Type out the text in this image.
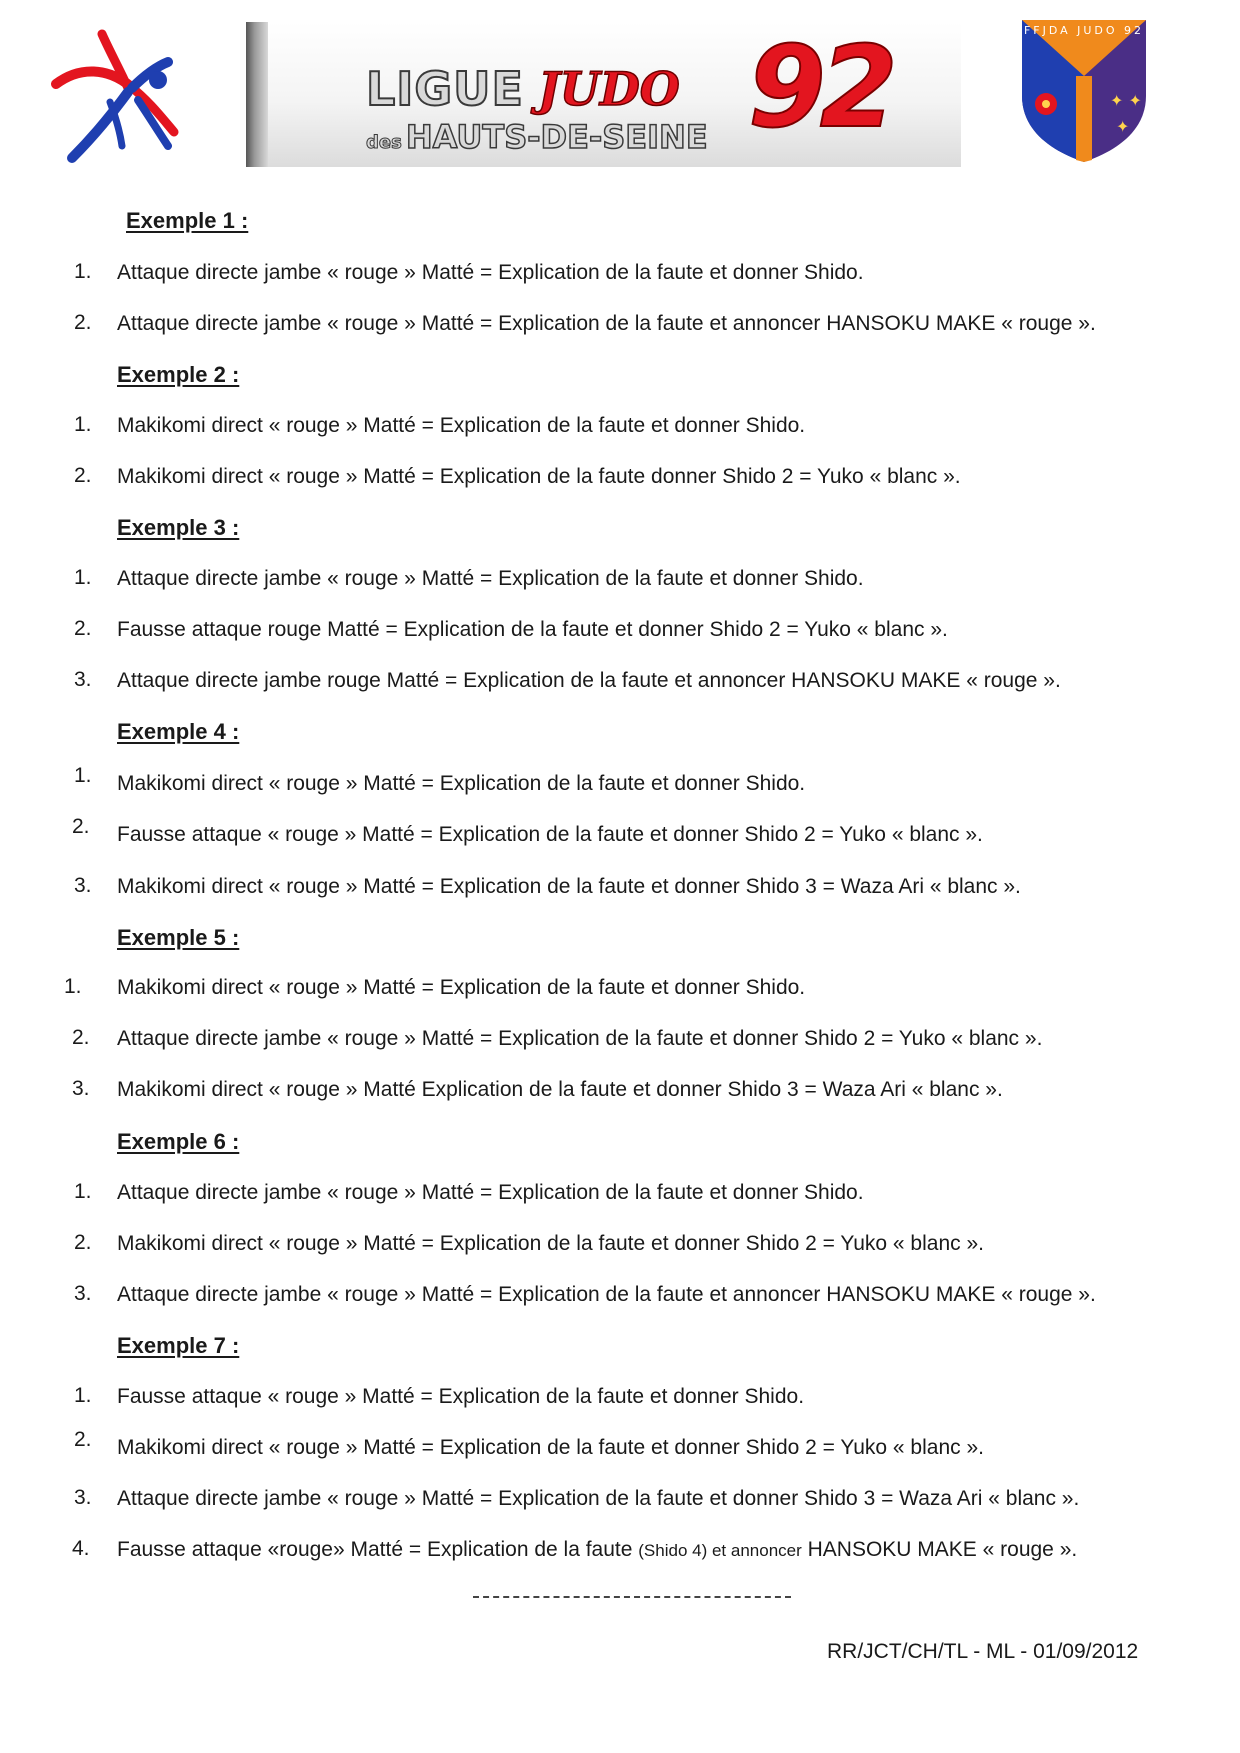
LIGUE JUDO 92
des HAUTS-DE-SEINE
✦ ✦
✦
FFJDA JUDO 92
Exemple 1 :
1. Attaque directe jambe « rouge » Matté = Explication de la faute et donner Shido.
2. Attaque directe jambe « rouge » Matté = Explication de la faute et annoncer HANSOKU MAKE « rouge ».
Exemple 2 :
1. Makikomi direct « rouge » Matté = Explication de la faute et donner Shido.
2. Makikomi direct « rouge » Matté = Explication de la faute donner Shido 2 = Yuko « blanc ».
Exemple 3 :
1. Attaque directe jambe « rouge » Matté = Explication de la faute et donner Shido.
2. Fausse attaque rouge Matté = Explication de la faute et donner Shido 2 = Yuko « blanc ».
3. Attaque directe jambe rouge Matté = Explication de la faute et annoncer HANSOKU MAKE « rouge ».
Exemple 4 :
1. Makikomi direct « rouge » Matté = Explication de la faute et donner Shido.
2. Fausse attaque « rouge » Matté = Explication de la faute et donner Shido 2 = Yuko « blanc ».
3. Makikomi direct « rouge » Matté = Explication de la faute et donner Shido 3 = Waza Ari « blanc ».
Exemple 5 :
1. Makikomi direct « rouge » Matté = Explication de la faute et donner Shido.
2. Attaque directe jambe « rouge » Matté = Explication de la faute et donner Shido 2 = Yuko « blanc ».
3. Makikomi direct « rouge » Matté Explication de la faute et donner Shido 3 = Waza Ari « blanc ».
Exemple 6 :
1. Attaque directe jambe « rouge » Matté = Explication de la faute et donner Shido.
2. Makikomi direct « rouge » Matté = Explication de la faute et donner Shido 2 = Yuko « blanc ».
3. Attaque directe jambe « rouge » Matté = Explication de la faute et annoncer HANSOKU MAKE « rouge ».
Exemple 7 :
1. Fausse attaque « rouge » Matté = Explication de la faute et donner Shido.
2. Makikomi direct « rouge » Matté = Explication de la faute et donner Shido 2 = Yuko « blanc ».
3. Attaque directe jambe « rouge » Matté = Explication de la faute et donner Shido 3 = Waza Ari « blanc ».
4. Fausse attaque «rouge» Matté = Explication de la faute (Shido 4) et annoncer HANSOKU MAKE « rouge ».
RR/JCT/CH/TL - ML - 01/09/2012
